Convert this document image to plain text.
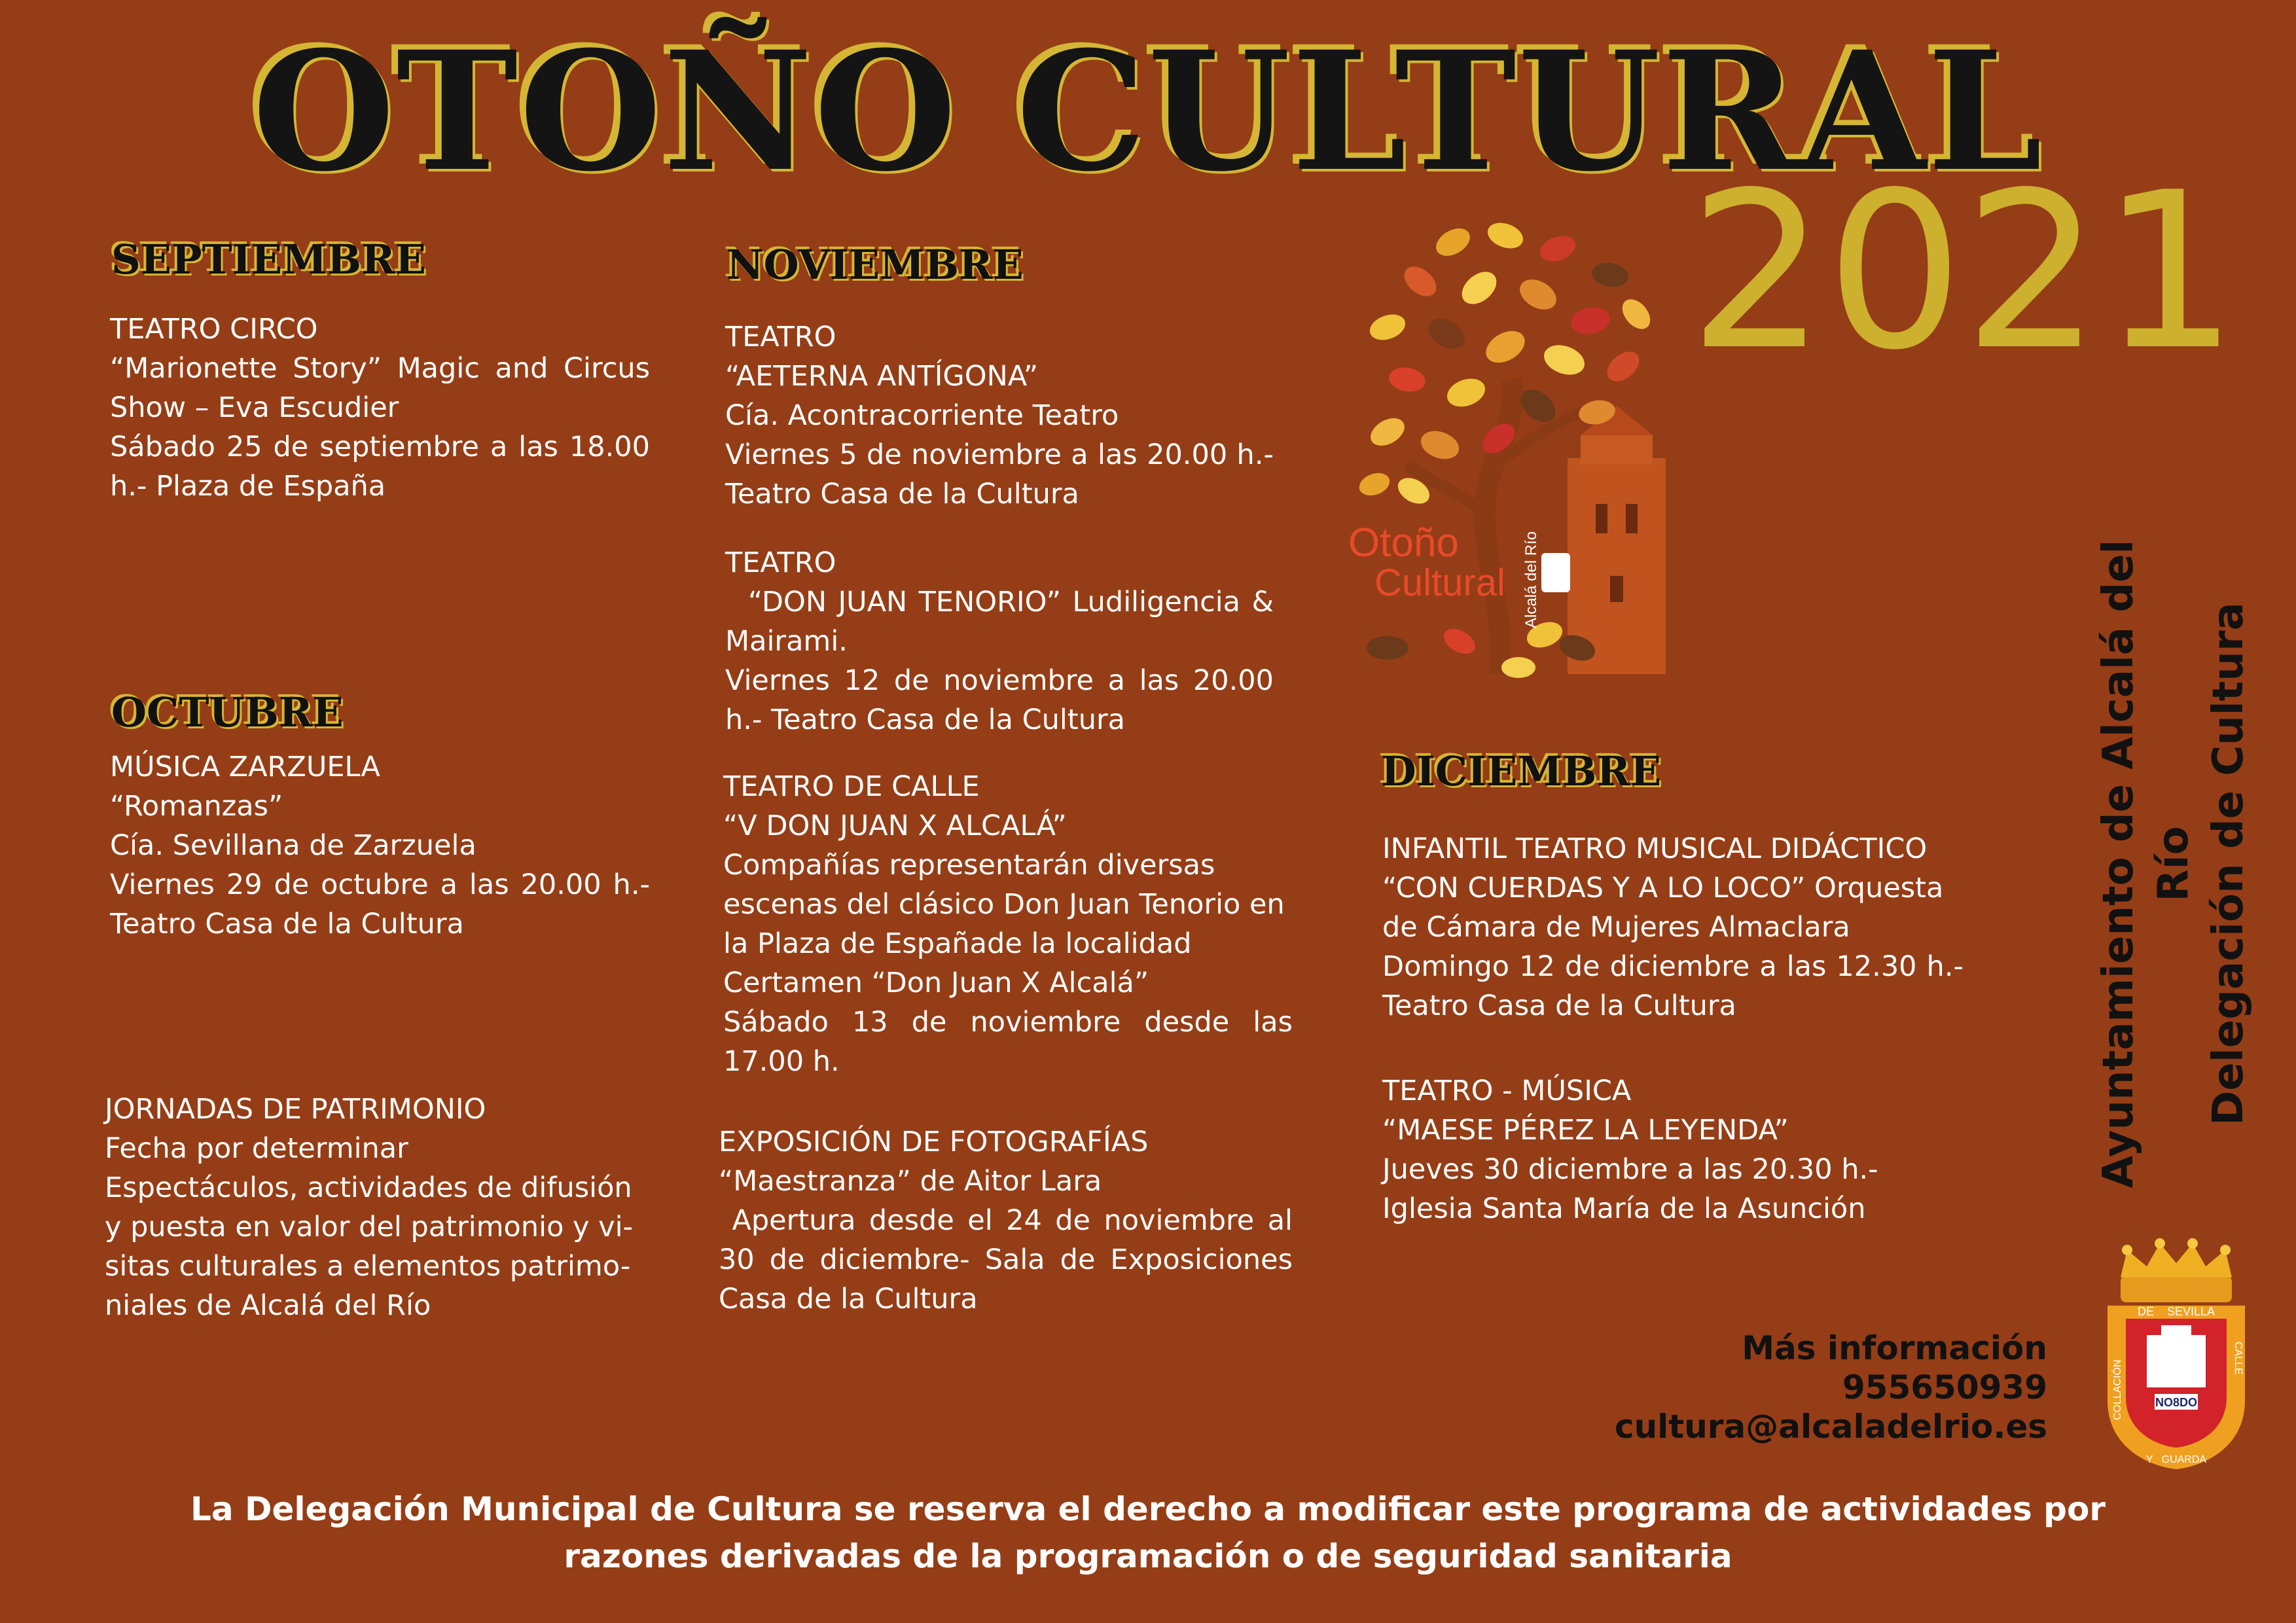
OTOÑO CULTURAL
2021
SEPTIEMBRE

TEATRO CIRCO

“Marionette Story” Magic and Circus Show – Eva Escudier

Sábado 25 de septiembre a las 18.00 h.- Plaza de España

OCTUBRE

MÚSICA ZARZUELA

“Romanzas”

Cía. Sevillana de Zarzuela

Viernes 29 de octubre a las 20.00 h.- Teatro Casa de la Cultura

JORNADAS DE PATRIMONIO

Fecha por determinar

Espectáculos, actividades de difusión

y puesta en valor del patrimonio y vi-

sitas culturales a elementos patrimo-

niales de Alcalá del Río

NOVIEMBRE

TEATRO

“AETERNA ANTÍGONA”

Cía. Acontracorriente Teatro

Viernes 5 de noviembre a las 20.00 h.- Teatro Casa de la Cultura

TEATRO

“DON JUAN TENORIO” Ludiligencia & Mairami.

Viernes 12 de noviembre a las 20.00 h.- Teatro Casa de la Cultura

TEATRO DE CALLE

“V DON JUAN X ALCALÁ”

Compañías representarán diversas escenas del clásico Don Juan Tenorio en la Plaza de Españade la localidad

Certamen “Don Juan X Alcalá”

Sábado 13 de noviembre desde las 17.00 h.

EXPOSICIÓN DE FOTOGRAFÍAS

“Maestranza” de Aitor Lara

Apertura desde el 24 de noviembre al 30 de diciembre- Sala de Exposiciones Casa de la Cultura

Otoño
Cultural Alcalá del Río
DICIEMBRE

INFANTIL TEATRO MUSICAL DIDÁCTICO

“CON CUERDAS Y A LO LOCO” Orquesta de Cámara de Mujeres Almaclara

Domingo 12 de diciembre a las 12.30 h.- Teatro Casa de la Cultura

TEATRO - MÚSICA

“MAESE PÉREZ LA LEYENDA”

Jueves 30 diciembre a las 20.30 h.- Iglesia Santa María de la Asunción

Ayuntamiento de Alcalá del Río Delegación de Cultura
DE    SEVILLA
NO8DO
COLLACIÓN
CALLE
Y   GUARDA
Más información
955650939
cultura@alcaladelrio.es
La Delegación Municipal de Cultura se reserva el derecho a modificar este programa de actividades por
razones derivadas de la programación o de seguridad sanitaria
